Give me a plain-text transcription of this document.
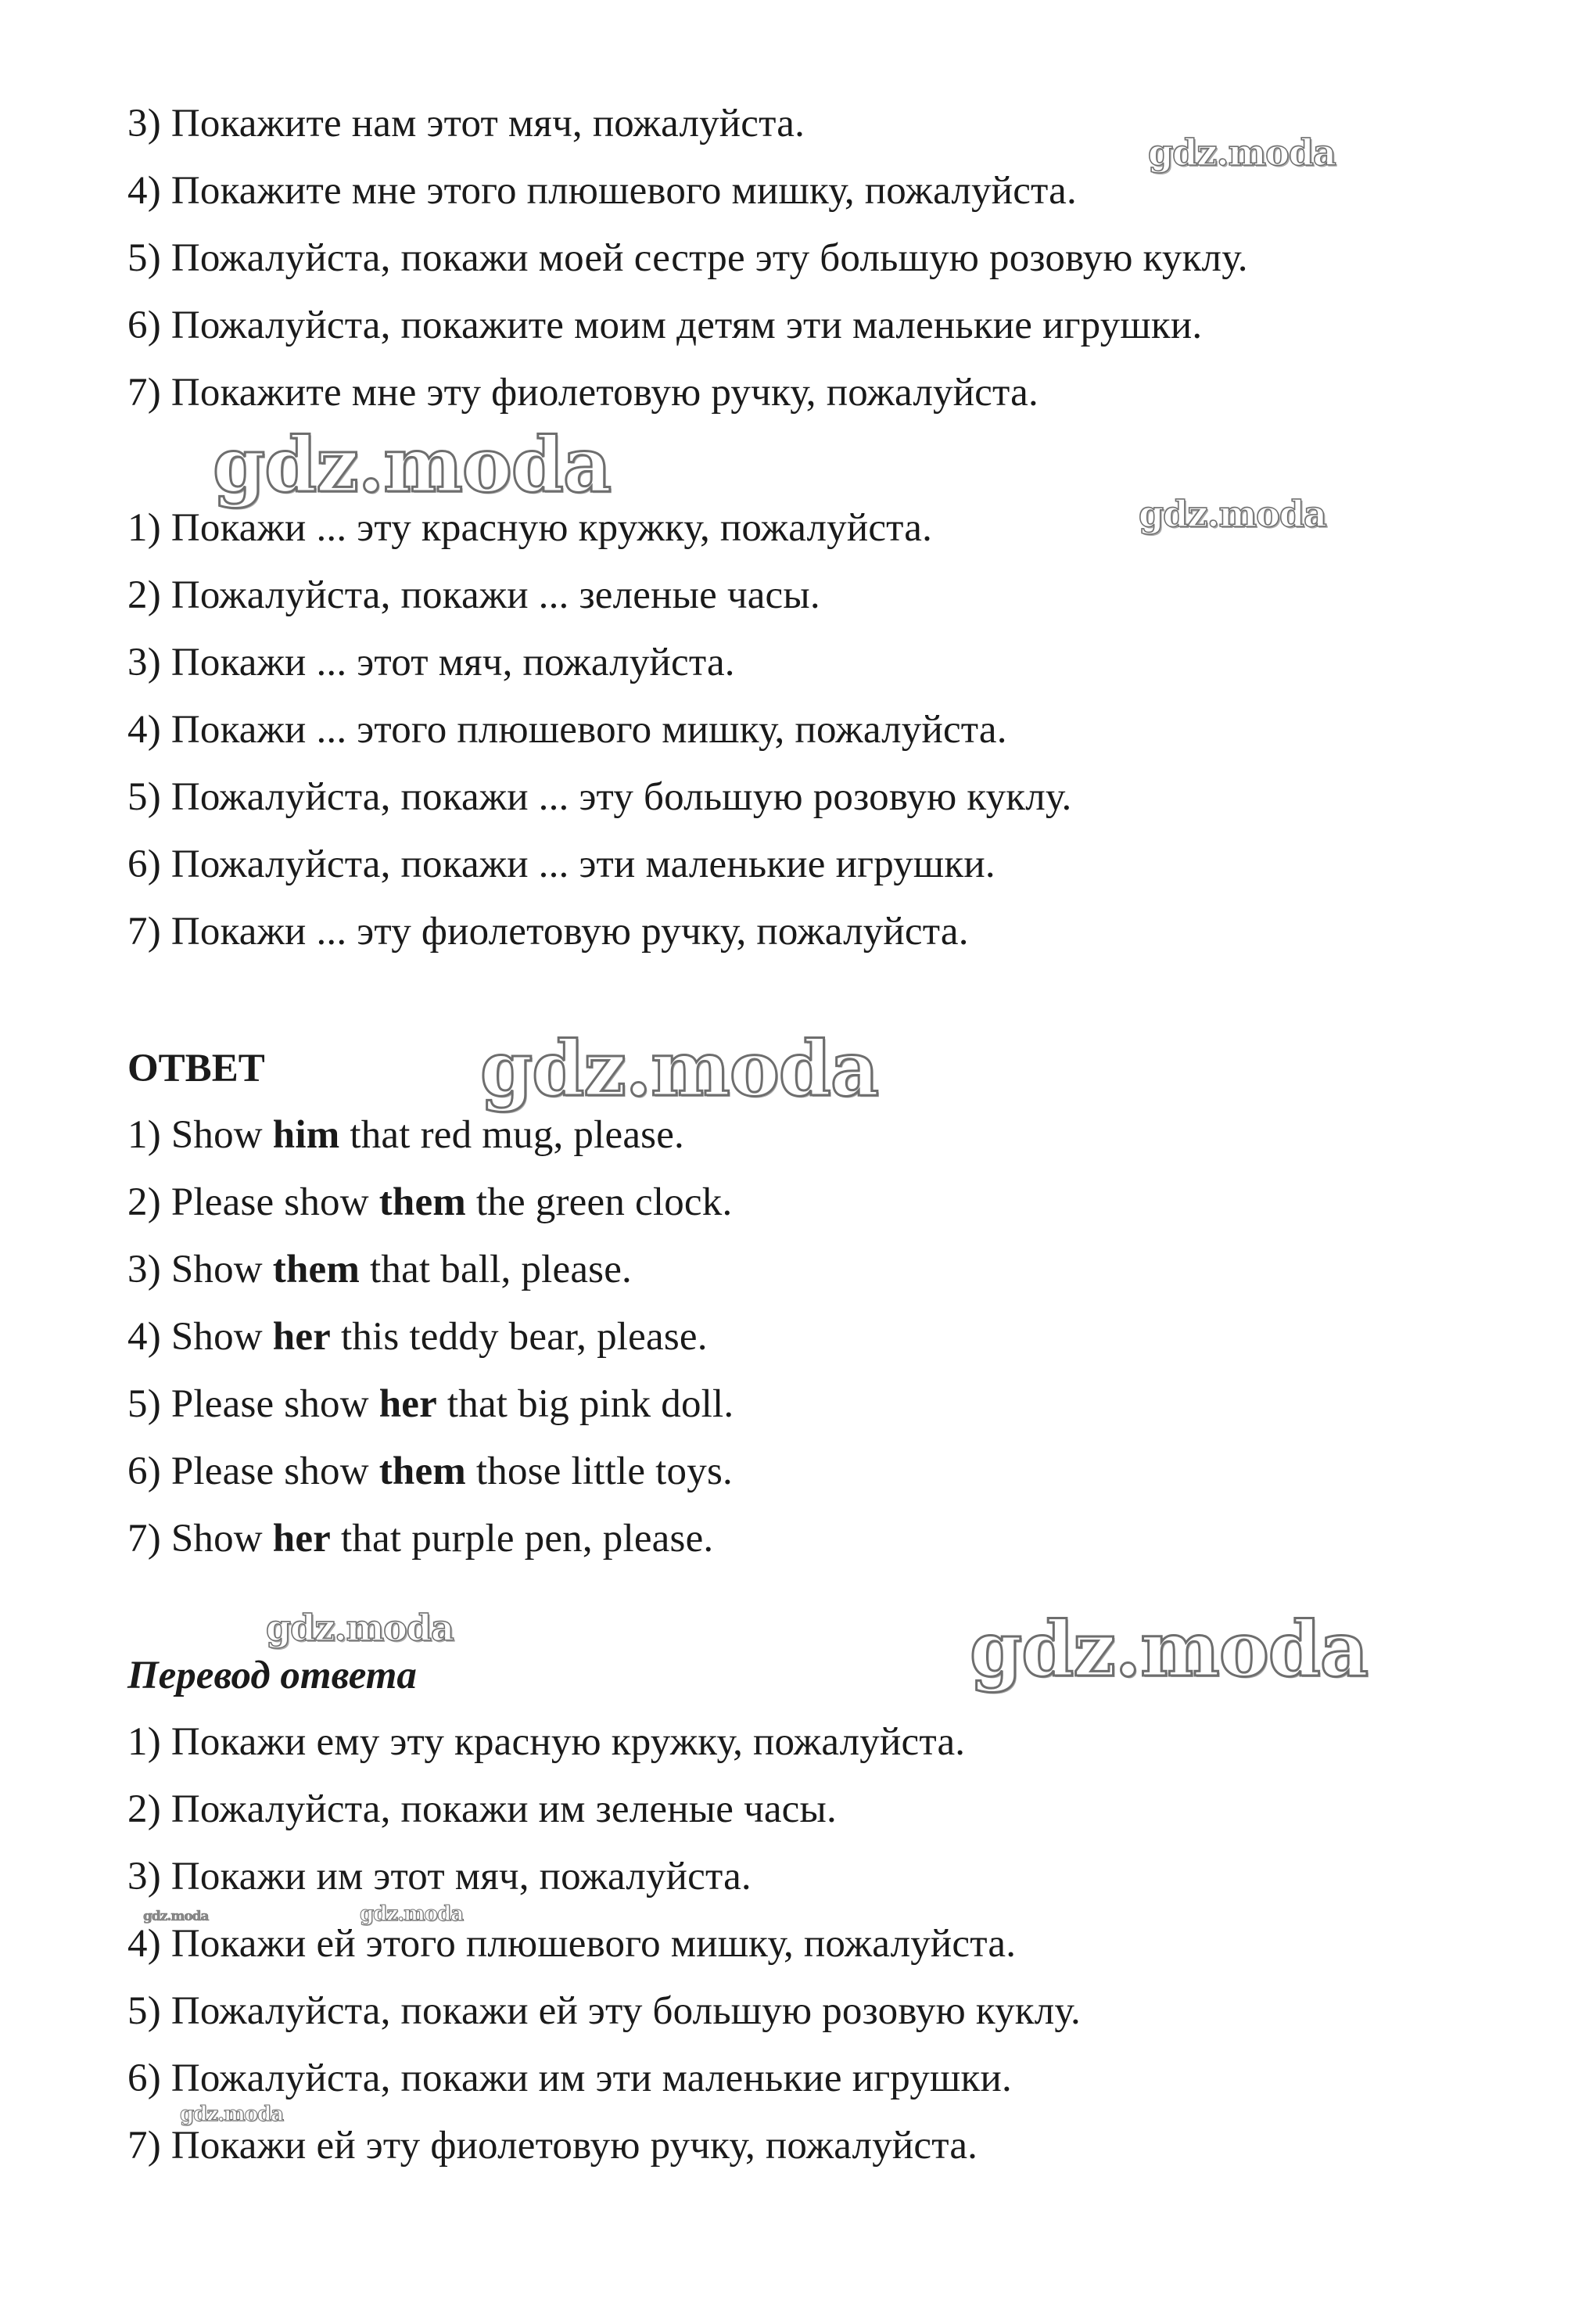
3) Покажите нам этот мяч, пожалуйста.
4) Покажите мне этого плюшевого мишку, пожалуйста.
5) Пожалуйста, покажи моей сестре эту большую розовую куклу.
6) Пожалуйста, покажите моим детям эти маленькие игрушки.
7) Покажите мне эту фиолетовую ручку, пожалуйста.
1) Покажи ... эту красную кружку, пожалуйста.
2) Пожалуйста, покажи ... зеленые часы.
3) Покажи ... этот мяч, пожалуйста.
4) Покажи ... этого плюшевого мишку, пожалуйста.
5) Пожалуйста, покажи ... эту большую розовую куклу.
6) Пожалуйста, покажи ... эти маленькие игрушки.
7) Покажи ... эту фиолетовую ручку, пожалуйста.
ОТВЕТ
1) Show him that red mug, please.
2) Please show them the green clock.
3) Show them that ball, please.
4) Show her this teddy bear, please.
5) Please show her that big pink doll.
6) Please show them those little toys.
7) Show her that purple pen, please.
Перевод ответа
1) Покажи ему эту красную кружку, пожалуйста.
2) Пожалуйста, покажи им зеленые часы.
3) Покажи им этот мяч, пожалуйста.
4) Покажи ей этого плюшевого мишку, пожалуйста.
5) Пожалуйста, покажи ей эту большую розовую куклу.
6) Пожалуйста, покажи им эти маленькие игрушки.
7) Покажи ей эту фиолетовую ручку, пожалуйста.
gdz.moda
gdz.moda
gdz.moda
gdz.moda
gdz.moda	gdz.moda
gdz.moda	gdz.moda
gdz.moda
